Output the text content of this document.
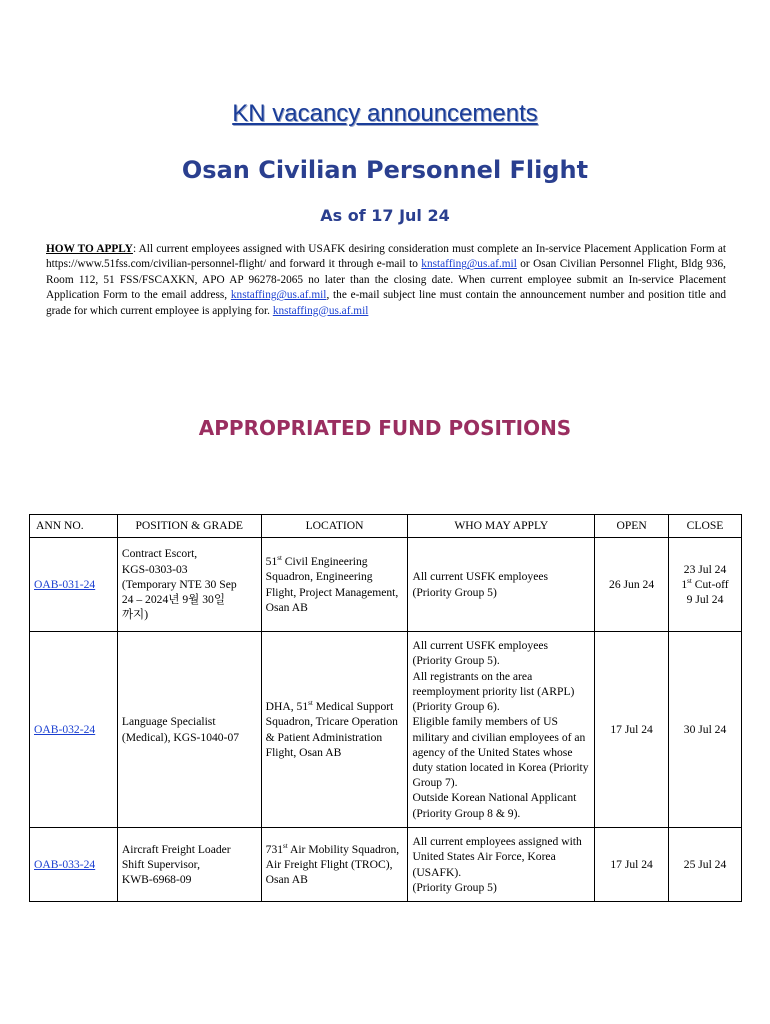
KN vacancy announcements
Osan Civilian Personnel Flight
As of 17 Jul 24
HOW TO APPLY: All current employees assigned with USAFK desiring consideration must complete an In-service Placement Application Form at https://www.51fss.com/civilian-personnel-flight/ and forward it through e-mail to knstaffing@us.af.mil or Osan Civilian Personnel Flight, Bldg 936, Room 112, 51 FSS/FSCAXKN, APO AP 96278-2065 no later than the closing date. When current employee submit an In-service Placement Application Form to the email address, knstaffing@us.af.mil, the e-mail subject line must contain the announcement number and position title and grade for which current employee is applying for. knstaffing@us.af.mil
APPROPRIATED FUND POSITIONS
ANN NO.	POSITION & GRADE	LOCATION	WHO MAY APPLY	OPEN	CLOSE
OAB-031-24	Contract Escort,
KGS-0303-03
(Temporary NTE 30 Sep
24 – 2024년 9월 30일
까지)	51st Civil Engineering Squadron, Engineering Flight, Project Management, Osan AB	All current USFK employees (Priority Group 5)	26 Jun 24	23 Jul 24
1st Cut-off
9 Jul 24

OAB-032-24	Language Specialist
(Medical), KGS-1040-07	DHA, 51st Medical Support Squadron, Tricare Operation & Patient Administration Flight, Osan AB	All current USFK employees (Priority Group 5).
All registrants on the area reemployment priority list (ARPL) (Priority Group 6).
Eligible family members of US military and civilian employees of an agency of the United States whose duty station located in Korea (Priority Group 7).
Outside Korean National Applicant (Priority Group 8 & 9).	17 Jul 24	30 Jul 24
OAB-033-24	Aircraft Freight Loader
Shift Supervisor,
KWB-6968-09	731st Air Mobility Squadron, Air Freight Flight (TROC), Osan AB	All current employees assigned with United States Air Force, Korea (USAFK).
(Priority Group 5)	17 Jul 24	25 Jul 24
